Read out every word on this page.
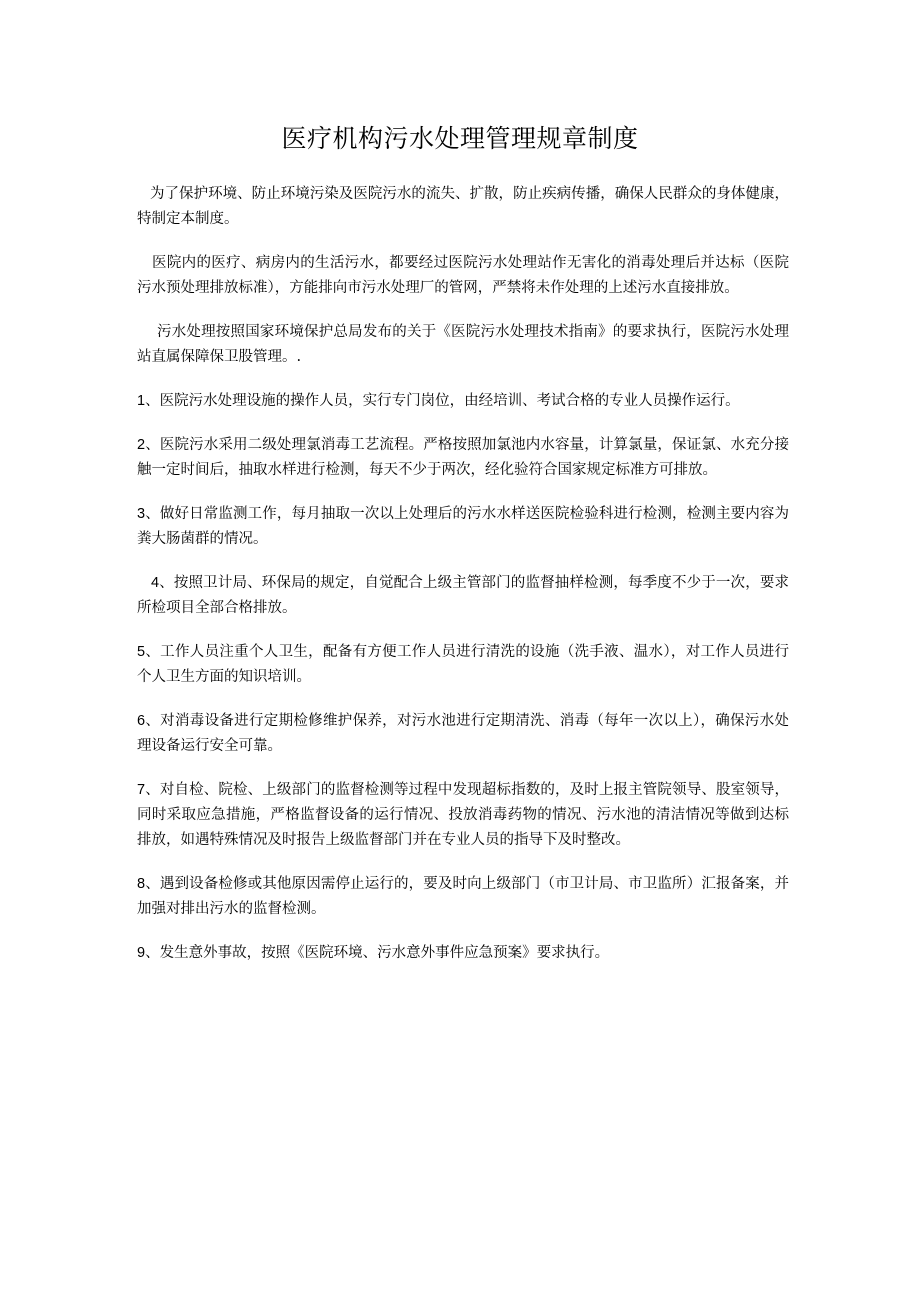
医疗机构污水处理管理规章制度

为了保护环境、防止环境污染及医院污水的流失、扩散，防止疾病传播，确保人民群众的身体健康，特制定本制度。

医院内的医疗、病房内的生活污水，都要经过医院污水处理站作无害化的消毒处理后并达标（医院污水预处理排放标准），方能排向市污水处理厂的管网，严禁将未作处理的上述污水直接排放。

污水处理按照国家环境保护总局发布的关于《医院污水处理技术指南》的要求执行，医院污水处理站直属保障保卫股管理。.

1、医院污水处理设施的操作人员，实行专门岗位，由经培训、考试合格的专业人员操作运行。

2、医院污水采用二级处理氯消毒工艺流程。严格按照加氯池内水容量，计算氯量，保证氯、水充分接触一定时间后，抽取水样进行检测，每天不少于两次，经化验符合国家规定标准方可排放。

3、做好日常监测工作，每月抽取一次以上处理后的污水水样送医院检验科进行检测，检测主要内容为粪大肠菌群的情况。

4、按照卫计局、环保局的规定，自觉配合上级主管部门的监督抽样检测，每季度不少于一次，要求所检项目全部合格排放。

5、工作人员注重个人卫生，配备有方便工作人员进行清洗的设施（洗手液、温水），对工作人员进行个人卫生方面的知识培训。

6、对消毒设备进行定期检修维护保养，对污水池进行定期清洗、消毒（每年一次以上），确保污水处理设备运行安全可靠。

7、对自检、院检、上级部门的监督检测等过程中发现超标指数的，及时上报主管院领导、股室领导，同时采取应急措施，严格监督设备的运行情况、投放消毒药物的情况、污水池的清洁情况等做到达标排放，如遇特殊情况及时报告上级监督部门并在专业人员的指导下及时整改。

8、遇到设备检修或其他原因需停止运行的，要及时向上级部门（市卫计局、市卫监所）汇报备案，并加强对排出污水的监督检测。

9、发生意外事故，按照《医院环境、污水意外事件应急预案》要求执行。
